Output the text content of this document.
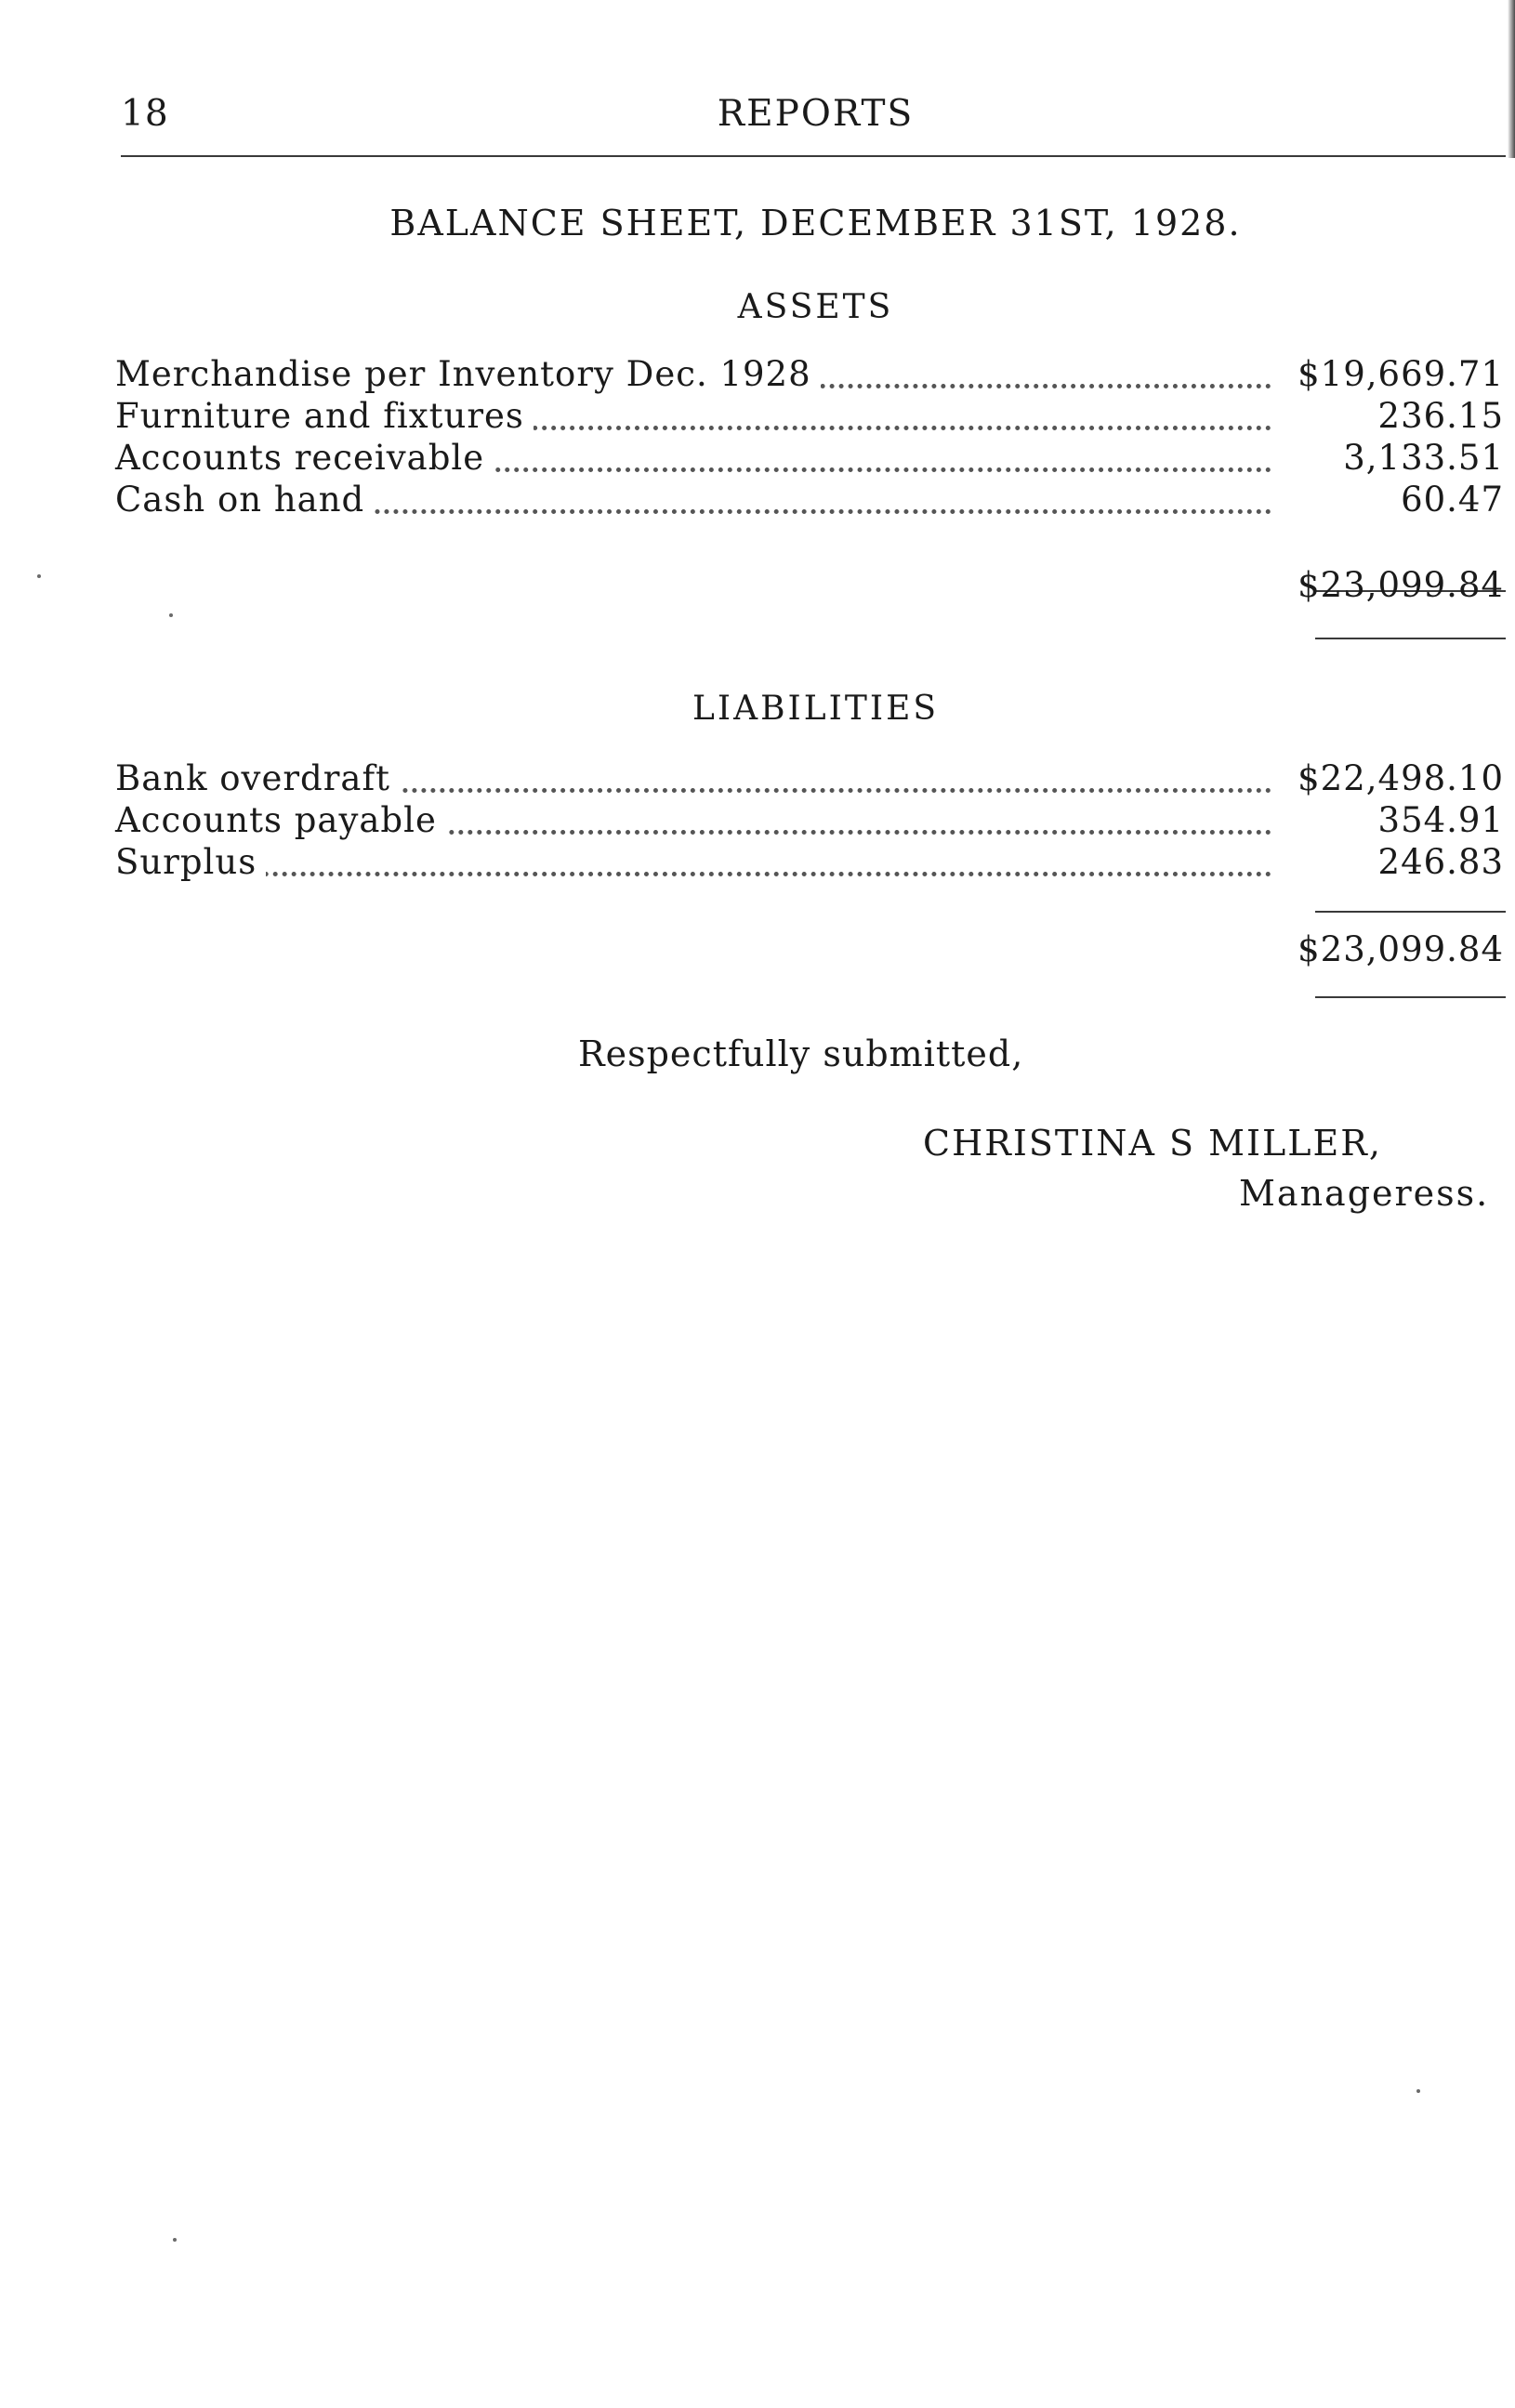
18	REPORTS
BALANCE SHEET, DECEMBER 31ST, 1928.
ASSETS
Merchandise per Inventory Dec. 1928	$19,669.71
Furniture and fixtures	236.15
Accounts receivable	3,133.51
Cash on hand	60.47
$23,099.84
LIABILITIES
Bank overdraft	$22,498.10
Accounts payable	354.91
Surplus	246.83
$23,099.84
Respectfully submitted,
CHRISTINA S MILLER,
Manageress.
